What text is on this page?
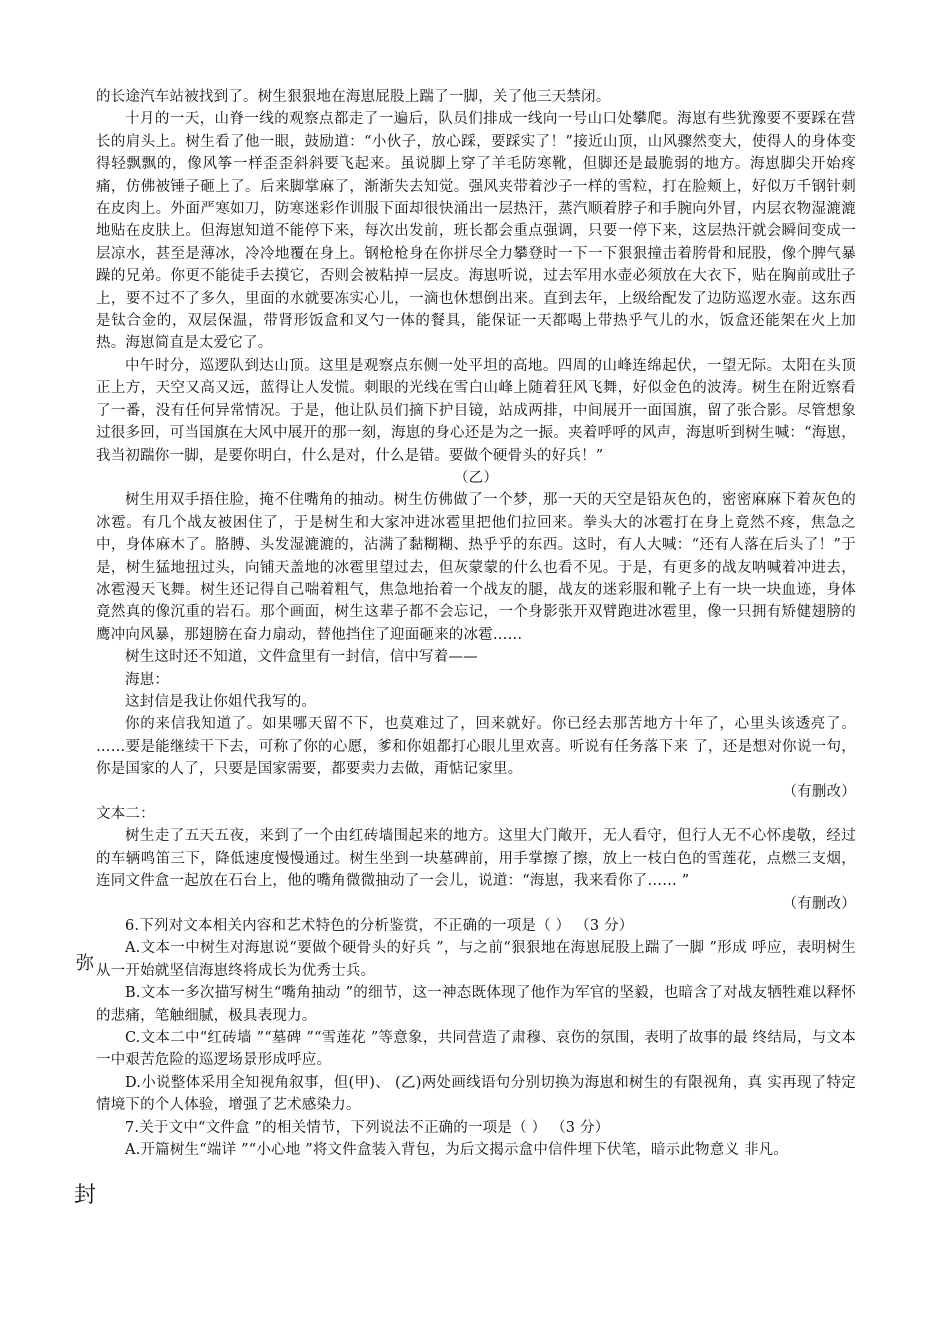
的长途汽车站被找到了。树生狠狠地在海崽屁股上踹了一脚，关了他三天禁闭。

十月的一天，山脊一线的观察点都走了一遍后，队员们排成一线向一号山口处攀爬。海崽有些犹豫要不要踩在营长的肩头上。树生看了他一眼，鼓励道：“小伙子，放心踩，要踩实了！”接近山顶，山风骤然变大，使得人的身体变得轻飘飘的，像风筝一样歪歪斜斜要飞起来。虽说脚上穿了羊毛防寒靴，但脚还是最脆弱的地方。海崽脚尖开始疼痛，仿佛被锤子砸上了。后来脚掌麻了，渐渐失去知觉。强风夹带着沙子一样的雪粒，打在脸颊上，好似万千钢针刺在皮肉上。外面严寒如刀，防寒迷彩作训服下面却很快涌出一层热汗，蒸汽顺着脖子和手腕向外冒，内层衣物湿漉漉地贴在皮肤上。但海崽知道不能停下来，每次出发前，班长都会重点强调，只要一停下来，这层热汗就会瞬间变成一层凉水，甚至是薄冰，冷冷地覆在身上。钢枪枪身在你拼尽全力攀登时一下一下狠狠撞击着胯骨和屁股，像个脾气暴躁的兄弟。你更不能徒手去摸它，否则会被粘掉一层皮。海崽听说，过去军用水壶必须放在大衣下，贴在胸前或肚子上，要不过不了多久，里面的水就要冻实心儿，一滴也休想倒出来。直到去年，上级给配发了边防巡逻水壶。这东西是钛合金的，双层保温，带肾形饭盒和叉勺一体的餐具，能保证一天都喝上带热乎气儿的水，饭盒还能架在火上加热。海崽简直是太爱它了。

中午时分，巡逻队到达山顶。这里是观察点东侧一处平坦的高地。四周的山峰连绵起伏，一望无际。太阳在头顶正上方，天空又高又远，蓝得让人发慌。刺眼的光线在雪白山峰上随着狂风飞舞，好似金色的波涛。树生在附近察看了一番，没有任何异常情况。于是，他让队员们摘下护目镜，站成两排，中间展开一面国旗，留了张合影。尽管想象过很多回，可当国旗在大风中展开的那一刻，海崽的身心还是为之一振。夹着呼呼的风声，海崽听到树生喊：“海崽，我当初踹你一脚，是要你明白，什么是对，什么是错。要做个硬骨头的好兵！”

（乙）

树生用双手捂住脸，掩不住嘴角的抽动。树生仿佛做了一个梦，那一天的天空是铅灰色的，密密麻麻下着灰色的冰雹。有几个战友被困住了，于是树生和大家冲进冰雹里把他们拉回来。拳头大的冰雹打在身上竟然不疼，焦急之中，身体麻木了。胳膊、头发湿漉漉的，沾满了黏糊糊、热乎乎的东西。这时，有人大喊：“还有人落在后头了！”于是，树生猛地扭过头，向铺天盖地的冰雹里望过去，但灰蒙蒙的什么也看不见。于是，有更多的战友呐喊着冲进去，冰雹漫天飞舞。树生还记得自己喘着粗气，焦急地抬着一个战友的腿，战友的迷彩服和靴子上有一块一块血迹，身体竟然真的像沉重的岩石。那个画面，树生这辈子都不会忘记，一个身影张开双臂跑进冰雹里，像一只拥有矫健翅膀的鹰冲向风暴，那翅膀在奋力扇动，替他挡住了迎面砸来的冰雹……

树生这时还不知道，文件盒里有一封信，信中写着——

海崽：

这封信是我让你姐代我写的。

你的来信我知道了。如果哪天留不下，也莫难过了，回来就好。你已经去那苦地方十年了，心里头该透亮了。 ……要是能继续干下去，可称了你的心愿，爹和你姐都打心眼儿里欢喜。听说有任务落下来 了，还是想对你说一句，你是国家的人了，只要是国家需要，都要卖力去做，甭惦记家里。

（有删改）

文本二：

树生走了五天五夜，来到了一个由红砖墙围起来的地方。这里大门敞开，无人看守，但行人无不心怀虔敬，经过的车辆鸣笛三下，降低速度慢慢通过。树生坐到一块墓碑前，用手掌擦了擦，放上一枝白色的雪莲花，点燃三支烟，连同文件盒一起放在石台上，他的嘴角微微抽动了一会儿，说道：“海崽，我来看你了…… ”

（有删改）

6.下列对文本相关内容和艺术特色的分析鉴赏，不正确的一项是（ ） （3 分）

A.文本一中树生对海崽说“要做个硬骨头的好兵 ”，与之前“狠狠地在海崽屁股上踹了一脚 ”形成 呼应，表明树生从一开始就坚信海崽终将成长为优秀士兵。

B.文本一多次描写树生“嘴角抽动 ”的细节，这一神态既体现了他作为军官的坚毅，也暗含了对战友牺牲难以释怀的悲痛，笔触细腻，极具表现力。

C.文本二中“红砖墙 ”“墓碑 ”“雪莲花 ”等意象，共同营造了肃穆、哀伤的氛围，表明了故事的最 终结局，与文本一中艰苦危险的巡逻场景形成呼应。

D.小说整体采用全知视角叙事，但(甲)、 (乙)两处画线语句分别切换为海崽和树生的有限视角，真 实再现了特定情境下的个人体验，增强了艺术感染力。

7.关于文中“文件盒 ”的相关情节，下列说法不正确的一项是（ ） （3 分）

A.开篇树生“端详 ”“小心地 ”将文件盒装入背包，为后文揭示盒中信件埋下伏笔，暗示此物意义 非凡。

弥
封
